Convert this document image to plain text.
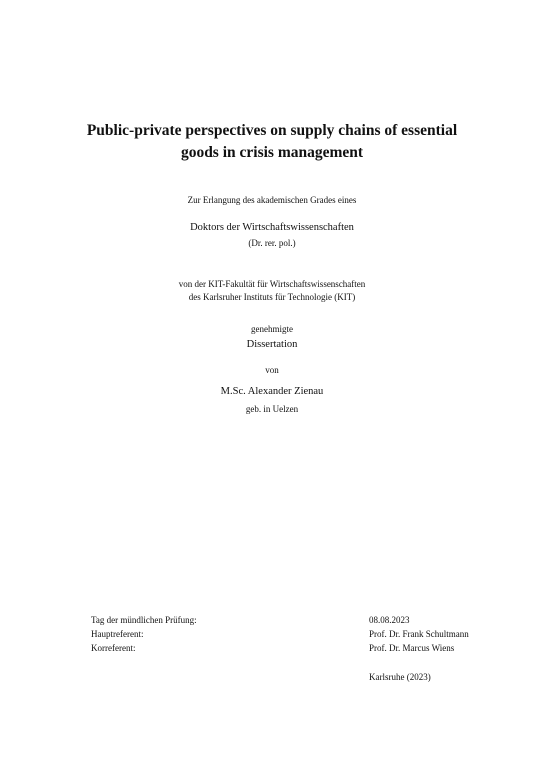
Public-private perspectives on supply chains of essential
goods in crisis management
Zur Erlangung des akademischen Grades eines
Doktors der Wirtschaftswissenschaften
(Dr. rer. pol.)
von der KIT-Fakultät für Wirtschaftswissenschaften
des Karlsruher Instituts für Technologie (KIT)
genehmigte
Dissertation
von
M.Sc. Alexander Zienau
geb. in Uelzen
Tag der mündlichen Prüfung:	08.08.2023
Hauptreferent:	Prof. Dr. Frank Schultmann
Korreferent:	Prof. Dr. Marcus Wiens
Karlsruhe (2023)
